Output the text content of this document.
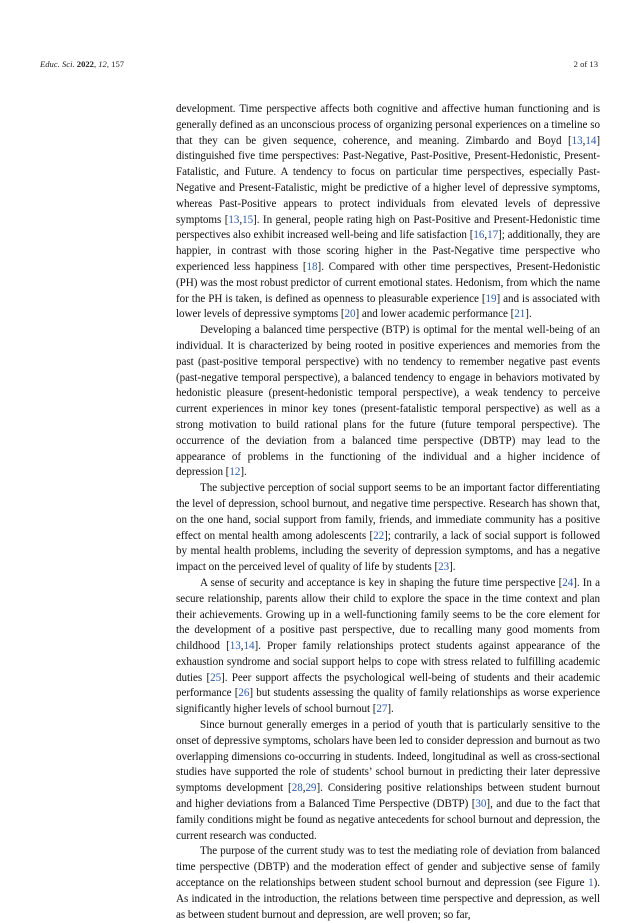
Educ. Sci. 2022, 12, 157	2 of 13

development. Time perspective affects both cognitive and affective human functioning and is generally defined as an unconscious process of organizing personal experiences on a timeline so that they can be given sequence, coherence, and meaning. Zimbardo and Boyd [13,14] distinguished five time perspectives: Past-Negative, Past-Positive, Present-Hedonistic, Present-Fatalistic, and Future. A tendency to focus on particular time perspectives, especially Past-Negative and Present-Fatalistic, might be predictive of a higher level of depressive symptoms, whereas Past-Positive appears to protect individuals from elevated levels of depressive symptoms [13,15]. In general, people rating high on Past-Positive and Present-Hedonistic time perspectives also exhibit increased well-being and life satisfaction [16,17]; additionally, they are happier, in contrast with those scoring higher in the Past-Negative time perspective who experienced less happiness [18]. Compared with other time perspectives, Present-Hedonistic (PH) was the most robust predictor of current emotional states. Hedonism, from which the name for the PH is taken, is defined as openness to pleasurable experience [19] and is associated with lower levels of depressive symptoms [20] and lower academic performance [21].

Developing a balanced time perspective (BTP) is optimal for the mental well-being of an individual. It is characterized by being rooted in positive experiences and memories from the past (past-positive temporal perspective) with no tendency to remember negative past events (past-negative temporal perspective), a balanced tendency to engage in behaviors motivated by hedonistic pleasure (present-hedonistic temporal perspective), a weak tendency to perceive current experiences in minor key tones (present-fatalistic temporal perspective) as well as a strong motivation to build rational plans for the future (future temporal perspective). The occurrence of the deviation from a balanced time perspective (DBTP) may lead to the appearance of problems in the functioning of the individual and a higher incidence of depression [12].

The subjective perception of social support seems to be an important factor differentiating the level of depression, school burnout, and negative time perspective. Research has shown that, on the one hand, social support from family, friends, and immediate community has a positive effect on mental health among adolescents [22]; contrarily, a lack of social support is followed by mental health problems, including the severity of depression symptoms, and has a negative impact on the perceived level of quality of life by students [23].

A sense of security and acceptance is key in shaping the future time perspective [24]. In a secure relationship, parents allow their child to explore the space in the time context and plan their achievements. Growing up in a well-functioning family seems to be the core element for the development of a positive past perspective, due to recalling many good moments from childhood [13,14]. Proper family relationships protect students against appearance of the exhaustion syndrome and social support helps to cope with stress related to fulfilling academic duties [25]. Peer support affects the psychological well-being of students and their academic performance [26] but students assessing the quality of family relationships as worse experience significantly higher levels of school burnout [27].

Since burnout generally emerges in a period of youth that is particularly sensitive to the onset of depressive symptoms, scholars have been led to consider depression and burnout as two overlapping dimensions co-occurring in students. Indeed, longitudinal as well as cross-sectional studies have supported the role of students’ school burnout in predicting their later depressive symptoms development [28,29]. Considering positive relationships between student burnout and higher deviations from a Balanced Time Perspective (DBTP) [30], and due to the fact that family conditions might be found as negative antecedents for school burnout and depression, the current research was conducted.

The purpose of the current study was to test the mediating role of deviation from balanced time perspective (DBTP) and the moderation effect of gender and subjective sense of family acceptance on the relationships between student school burnout and depression (see Figure 1). As indicated in the introduction, the relations between time perspective and depression, as well as between student burnout and depression, are well proven; so far,
